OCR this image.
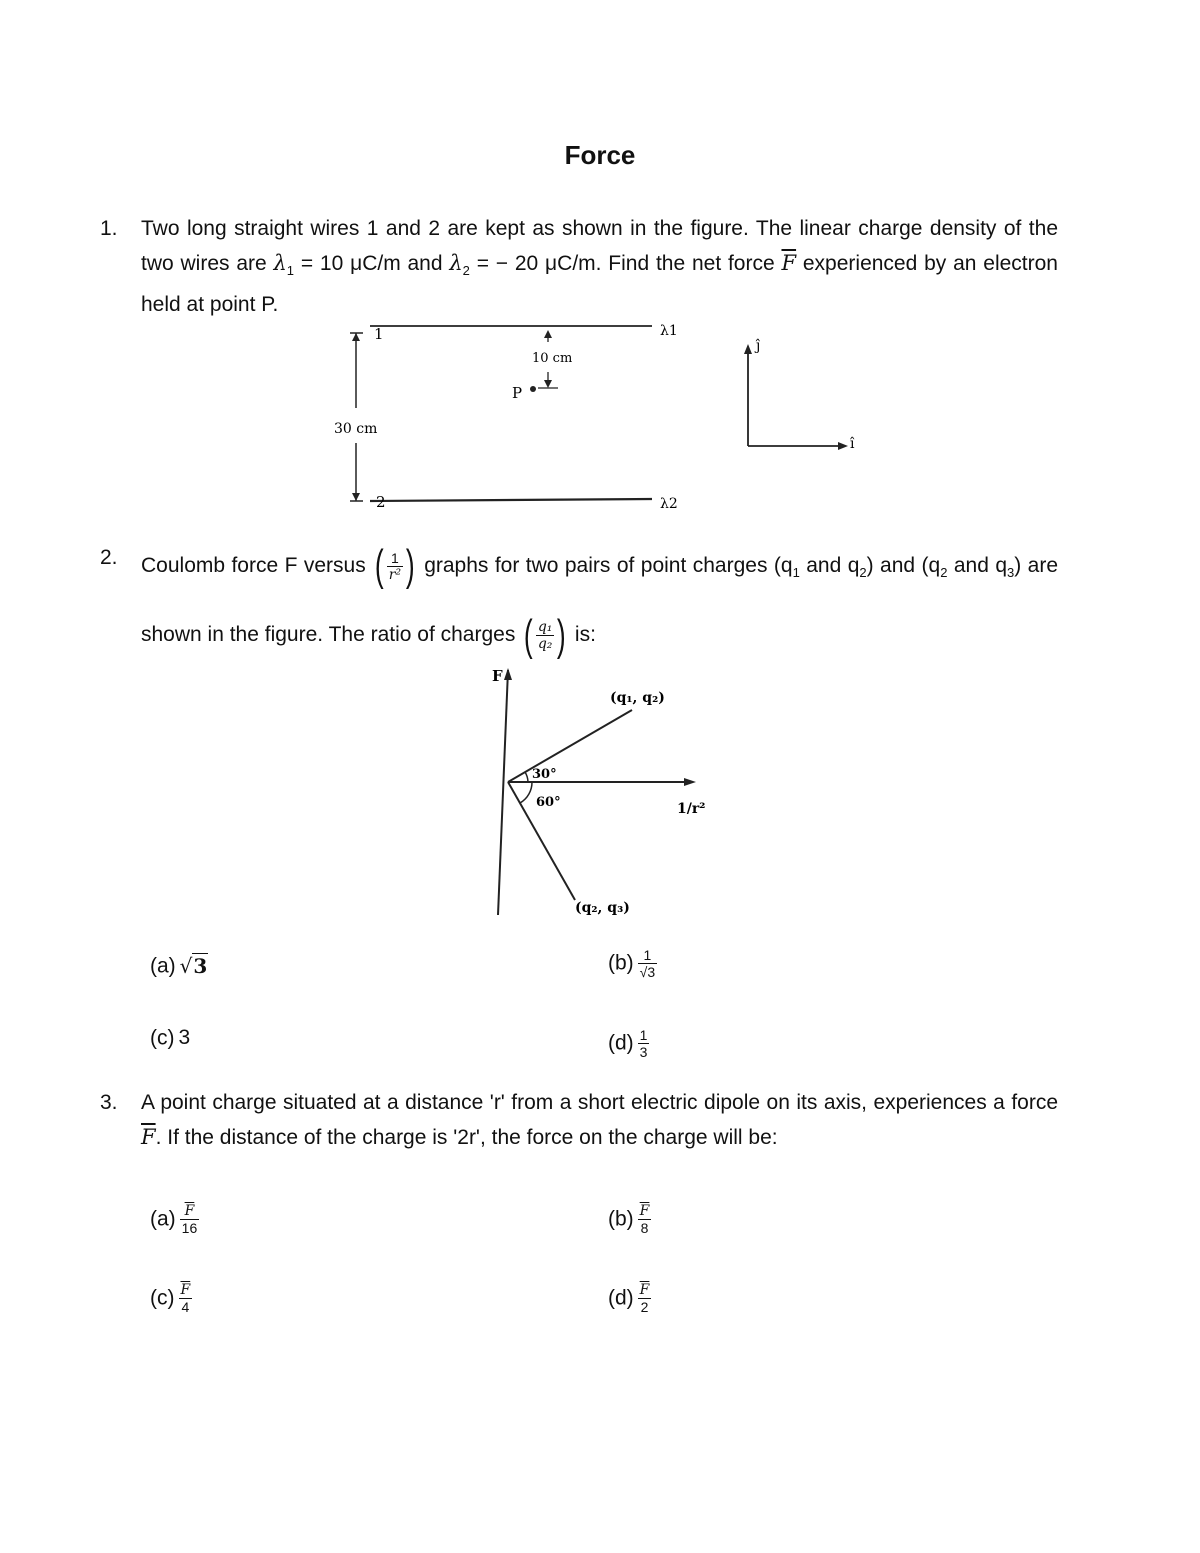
Force
1. Two long straight wires 1 and 2 are kept as shown in the figure. The linear charge density of the two wires are $\lambda_1 = 10$ μC/m and $\lambda_2$ = − 20 μC/m. Find the net force $\overline{F}$ experienced by an electron held at point P.
1	λ1
2	λ2
30 cm
10 cm
P
ĵ
î
2. Coulomb force F versus ( $\frac{1}{\text{r²}}$ ) graphs for two pairs of point charges ($q_1$ and $q_2$) and ($q_2$ and $q_3$) are shown in the figure. The ratio of charges ( $\frac{\text{q₁}}{\text{q₂}}$ ) is:
F
1/r²
(q₁, q₂)
(q₂, q₃)
30°
60°
(a) √3	$(b) \frac{1}{√3}$
(c) 3	$(d) \frac{1}{3}$
3. A point charge situated at a distance 'r' from a short electric dipole on its axis, experiences a force $\overline{F}$. If the distance of the charge is '2r', the force on the charge will be:
$(a) \frac{\overline{F}}{16}$	$(b) \frac{\overline{F}}{8}$
$(c) \frac{\overline{F}}{4}$	$(d) \frac{\overline{F}}{2}$
